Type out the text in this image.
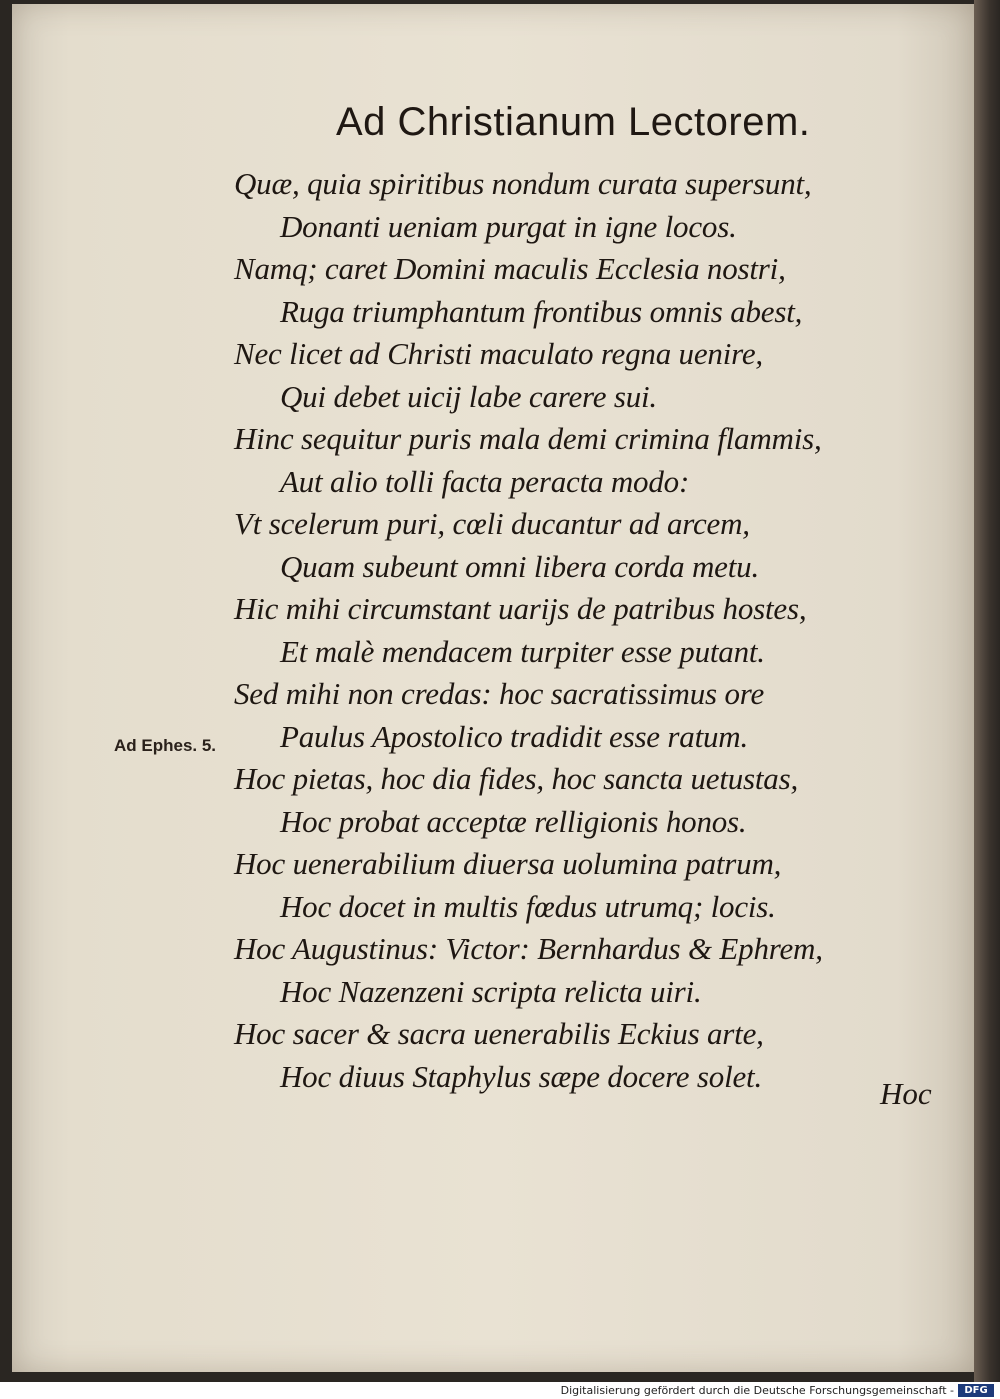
Ad Christianum Lectorem.
Quæ, quia spiritibus nondum curata supersunt,
Donanti ueniam purgat in igne locos.
Namq; caret Domini maculis Ecclesia nostri,
Ruga triumphantum frontibus omnis abest,
Nec licet ad Christi maculato regna uenire,
Qui debet uicij labe carere sui.
Hinc sequitur puris mala demi crimina flammis,
Aut alio tolli facta peracta modo:
Vt scelerum puri, cœli ducantur ad arcem,
Quam subeunt omni libera corda metu.
Hic mihi circumstant uarijs de patribus hostes,
Et malè mendacem turpiter esse putant.
Sed mihi non credas: hoc sacratissimus ore
Paulus Apostolico tradidit esse ratum.
Hoc pietas, hoc dia fides, hoc sancta uetustas,
Hoc probat acceptæ relligionis honos.
Hoc uenerabilium diuersa uolumina patrum,
Hoc docet in multis fœdus utrumq; locis.
Hoc Augustinus: Victor: Bernhardus & Ephrem,
Hoc Nazenzeni scripta relicta uiri.
Hoc sacer & sacra uenerabilis Eckius arte,
Hoc diuus Staphylus sæpe docere solet.
Ad Ephes. 5.
Hoc
Digitalisierung gefördert durch die Deutsche Forschungsgemeinschaft -	DFG
